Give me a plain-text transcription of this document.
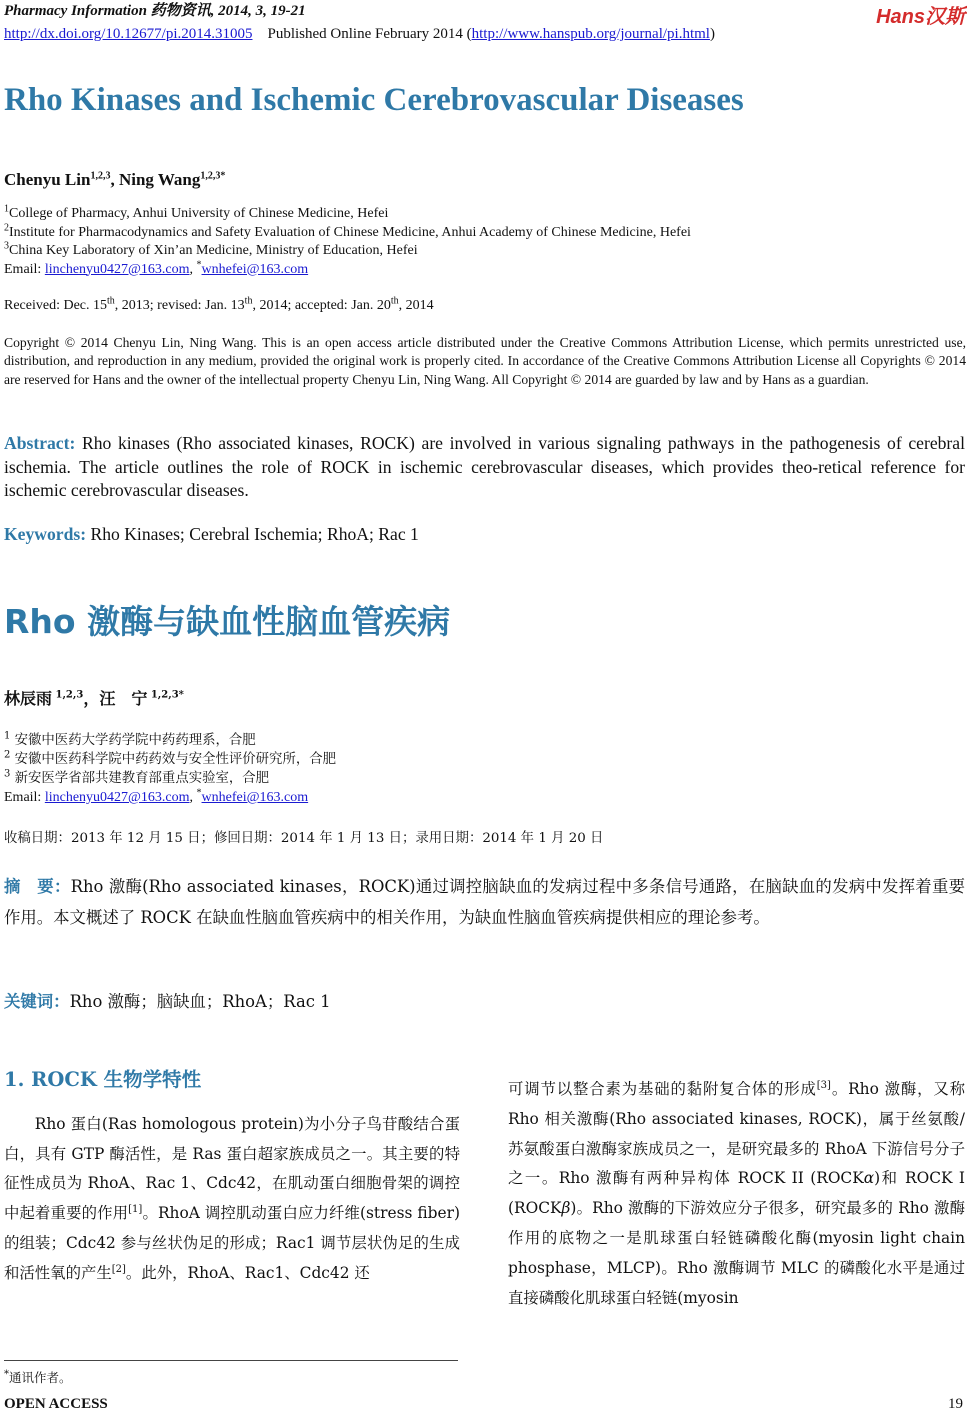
Pharmacy Information 药物资讯, 2014, 3, 19-21
http://dx.doi.org/10.12677/pi.2014.31005 Published Online February 2014 (http://www.hanspub.org/journal/pi.html)
Hans汉斯
Rho Kinases and Ischemic Cerebrovascular Diseases
Chenyu Lin$^{1,2,3}$, Ning Wang$^{1,2,3*}$
$^1$College of Pharmacy, Anhui University of Chinese Medicine, Hefei
$^2$Institute for Pharmacodynamics and Safety Evaluation of Chinese Medicine, Anhui Academy of Chinese Medicine, Hefei
$^3$China Key Laboratory of Xin’an Medicine, Ministry of Education, Hefei
Email: linchenyu0427@163.com, *wnhefei@163.com
Received: Dec. 15th, 2013; revised: Jan. 13th, 2014; accepted: Jan. 20th, 2014
Copyright © 2014 Chenyu Lin, Ning Wang. This is an open access article distributed under the Creative Commons Attribution License, which permits unrestricted use, distribution, and reproduction in any medium, provided the original work is properly cited. In accordance of the Creative Commons Attribution License all Copyrights © 2014 are reserved for Hans and the owner of the intellectual property Chenyu Lin, Ning Wang. All Copyright © 2014 are guarded by law and by Hans as a guardian.
Abstract: Rho kinases (Rho associated kinases, ROCK) are involved in various signaling pathways in the pathogenesis of cerebral ischemia. The article outlines the role of ROCK in ischemic cerebrovascular diseases, which provides theo-retical reference for ischemic cerebrovascular diseases.
Keywords: Rho Kinases; Cerebral Ischemia; RhoA; Rac 1
Rho 激酶与缺血性脑血管疾病
林辰雨 $^{1,2,3}$，汪　宁 $^{1,2,3*}$
$^1$ 安徽中医药大学药学院中药药理系，合肥
$^2$ 安徽中医药科学院中药药效与安全性评价研究所，合肥
$^3$ 新安医学省部共建教育部重点实验室，合肥
Email: linchenyu0427@163.com, *wnhefei@163.com
收稿日期：2013 年 12 月 15 日；修回日期：2014 年 1 月 13 日；录用日期：2014 年 1 月 20 日
摘　要：Rho 激酶(Rho associated kinases，ROCK)通过调控脑缺血的发病过程中多条信号通路，在脑缺血的发病中发挥着重要作用。本文概述了 ROCK 在缺血性脑血管疾病中的相关作用，为缺血性脑血管疾病提供相应的理论参考。
关键词：Rho 激酶；脑缺血；RhoA；Rac 1
1. ROCK 生物学特性
Rho 蛋白(Ras homologous protein)为小分子鸟苷酸结合蛋白，具有 GTP 酶活性，是 Ras 蛋白超家族成员之一。其主要的特征性成员为 RhoA、Rac 1、Cdc42，在肌动蛋白细胞骨架的调控中起着重要的作用[1]。RhoA 调控肌动蛋白应力纤维(stress fiber)的组装；Cdc42 参与丝状伪足的形成；Rac1 调节层状伪足的生成和活性氧的产生[2]。此外，RhoA、Rac1、Cdc42 还
可调节以整合素为基础的黏附复合体的形成[3]。Rho 激酶，又称 Rho 相关激酶(Rho associated kinases, ROCK)，属于丝氨酸/苏氨酸蛋白激酶家族成员之一，是研究最多的 RhoA 下游信号分子之一。Rho 激酶有两种异构体 ROCK II (ROCKα)和 ROCK I (ROCKβ)。Rho 激酶的下游效应分子很多，研究最多的 Rho 激酶作用的底物之一是肌球蛋白轻链磷酸化酶(myosin light chain phosphase，MLCP)。Rho 激酶调节 MLC 的磷酸化水平是通过直接磷酸化肌球蛋白轻链(myosin
*通讯作者。
OPEN ACCESS	19
